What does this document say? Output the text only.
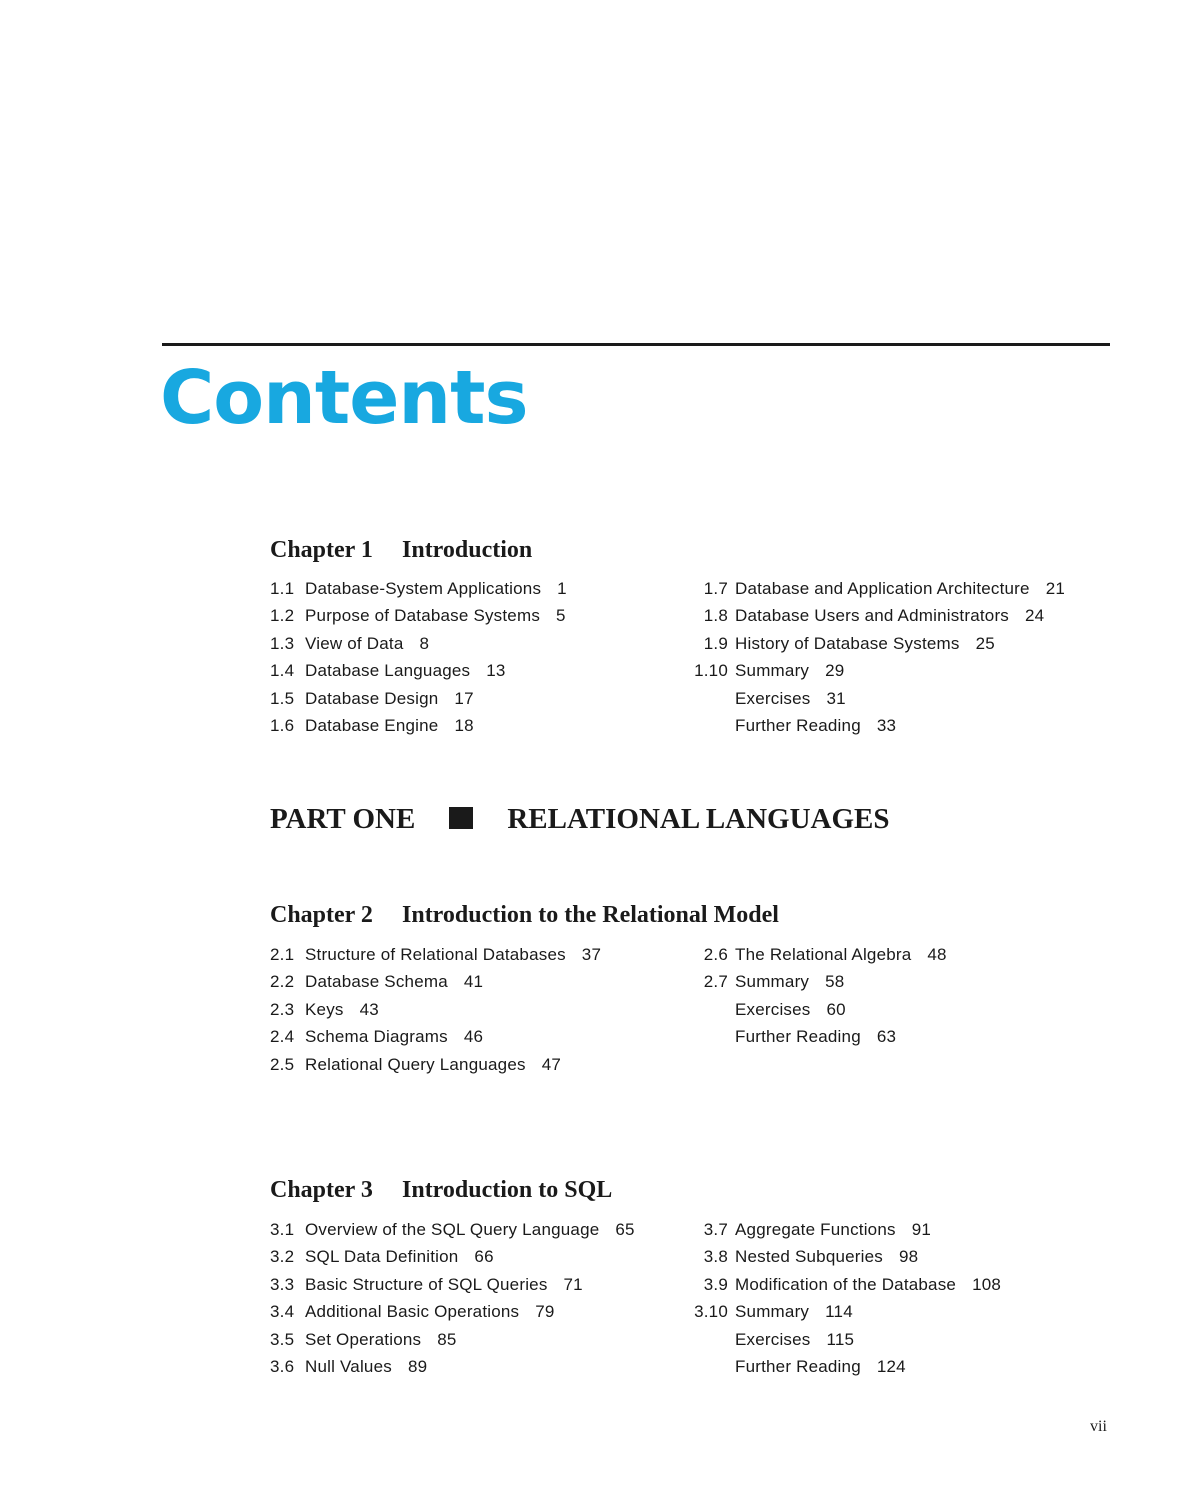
Contents
Chapter 1 Introduction
1.1 Database-System Applications 1
1.2 Purpose of Database Systems 5
1.3 View of Data 8
1.4 Database Languages 13
1.5 Database Design 17
1.6 Database Engine 18
1.7 Database and Application Architecture 21
1.8 Database Users and Administrators 24
1.9 History of Database Systems 25
1.10 Summary 29
Exercises 31
Further Reading 33
PART ONE	RELATIONAL LANGUAGES
Chapter 2 Introduction to the Relational Model
2.1 Structure of Relational Databases 37
2.2 Database Schema 41
2.3 Keys 43
2.4 Schema Diagrams 46
2.5 Relational Query Languages 47
2.6 The Relational Algebra 48
2.7 Summary 58
Exercises 60
Further Reading 63
Chapter 3 Introduction to SQL
3.1 Overview of the SQL Query Language 65
3.2 SQL Data Definition 66
3.3 Basic Structure of SQL Queries 71
3.4 Additional Basic Operations 79
3.5 Set Operations 85
3.6 Null Values 89
3.7 Aggregate Functions 91
3.8 Nested Subqueries 98
3.9 Modification of the Database 108
3.10 Summary 114
Exercises 115
Further Reading 124

vii
